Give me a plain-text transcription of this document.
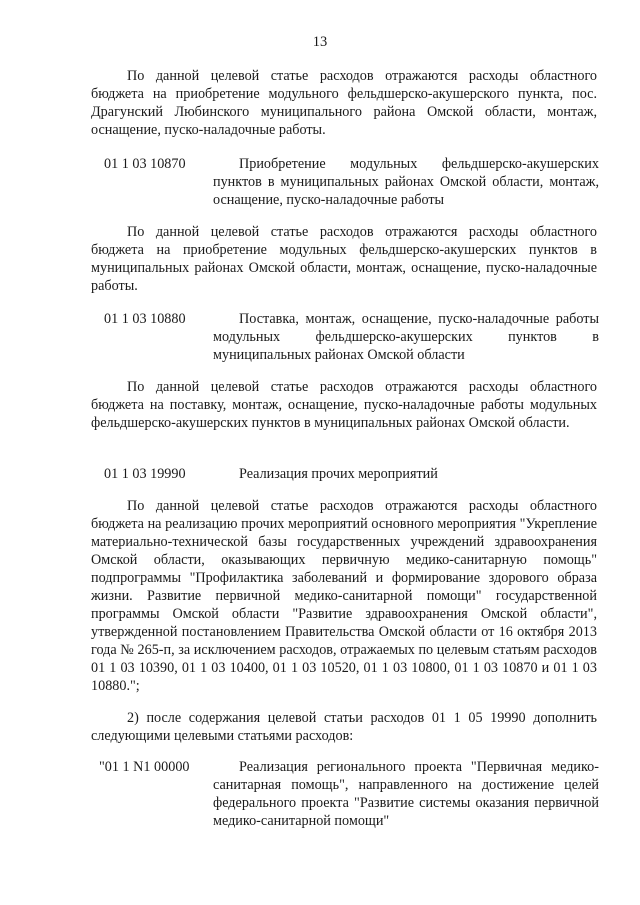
13

По данной целевой статье расходов отражаются расходы областного бюджета на приобретение модульного фельдшерско-акушерского пункта, пос. Драгунский Любинского муниципального района Омской области, монтаж, оснащение, пуско-наладочные работы.

01 1 03 10870	Приобретение модульных фельдшерско-акушерских пунктов в муниципальных районах Омской области, монтаж, оснащение, пуско-наладочные работы

По данной целевой статье расходов отражаются расходы областного бюджета на приобретение модульных фельдшерско-акушерских пунктов в муниципальных районах Омской области, монтаж, оснащение, пуско-наладочные работы.

01 1 03 10880	Поставка, монтаж, оснащение, пуско-наладочные работы модульных фельдшерско-акушерских пунктов в муниципальных районах Омской области

По данной целевой статье расходов отражаются расходы областного бюджета на поставку, монтаж, оснащение, пуско-наладочные работы модульных фельдшерско-акушерских пунктов в муниципальных районах Омской области.

01 1 03 19990	Реализация прочих мероприятий

По данной целевой статье расходов отражаются расходы областного бюджета на реализацию прочих мероприятий основного мероприятия "Укрепление материально-технической базы государственных учреждений здравоохранения Омской области, оказывающих первичную медико-санитарную помощь" подпрограммы "Профилактика заболеваний и формирование здорового образа жизни. Развитие первичной медико-санитарной помощи" государственной программы Омской области "Развитие здравоохранения Омской области", утвержденной постановлением Правительства Омской области от 16 октября 2013 года № 265-п, за исключением расходов, отражаемых по целевым статьям расходов 01 1 03 10390, 01 1 03 10400, 01 1 03 10520, 01 1 03 10800, 01 1 03 10870 и 01 1 03 10880.";

2) после содержания целевой статьи расходов 01 1 05 19990 дополнить следующими целевыми статьями расходов:

"01 1 N1 00000	Реализация регионального проекта "Первичная медико-санитарная помощь", направленного на достижение целей федерального проекта "Развитие системы оказания первичной медико-санитарной помощи"
